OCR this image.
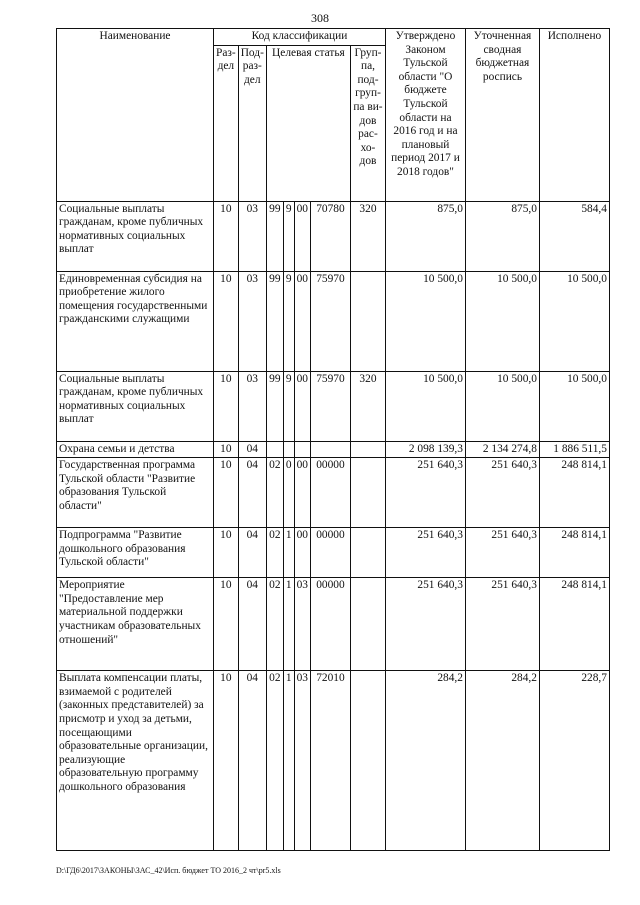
308
Наименование	Код классификации							Утверждено Законом Тульской области "О бюджете Тульской области на 2016 год и на плановый период 2017 и 2018 годов"	Уточненная сводная бюджетная роспись	Исполнено
	Раз-дел	Под-раз-дел	Целевая статья				Груп-па, под-груп-па ви-дов рас-хо-дов			
Социальные выплаты гражданам, кроме публичных нормативных социальных выплат	10	03	99	9	00	70780	320	875,0	875,0	584,4
Единовременная субсидия на приобретение жилого помещения государственными гражданскими служащими	10	03	99	9	00	75970		10 500,0	10 500,0	10 500,0
Социальные выплаты гражданам, кроме публичных нормативных социальных выплат	10	03	99	9	00	75970	320	10 500,0	10 500,0	10 500,0
Охрана семьи и детства	10	04						2 098 139,3	2 134 274,8	1 886 511,5
Государственная программа Тульской области "Развитие образования Тульской области"	10	04	02	0	00	00000		251 640,3	251 640,3	248 814,1
Подпрограмма "Развитие дошкольного образования Тульской области"	10	04	02	1	00	00000		251 640,3	251 640,3	248 814,1
Мероприятие "Предоставление мер материальной поддержки участникам образовательных отношений"	10	04	02	1	03	00000		251 640,3	251 640,3	248 814,1
Выплата компенсации платы, взимаемой с родителей (законных представителей) за присмотр и уход за детьми, посещающими образовательные организации, реализующие образовательную программу дошкольного образования	10	04	02	1	03	72010		284,2	284,2	228,7
D:\ГД6\2017\ЗАКОНЫ\ЗАС_42\Исп. бюджет ТО 2016_2 чт\pr5.xls
